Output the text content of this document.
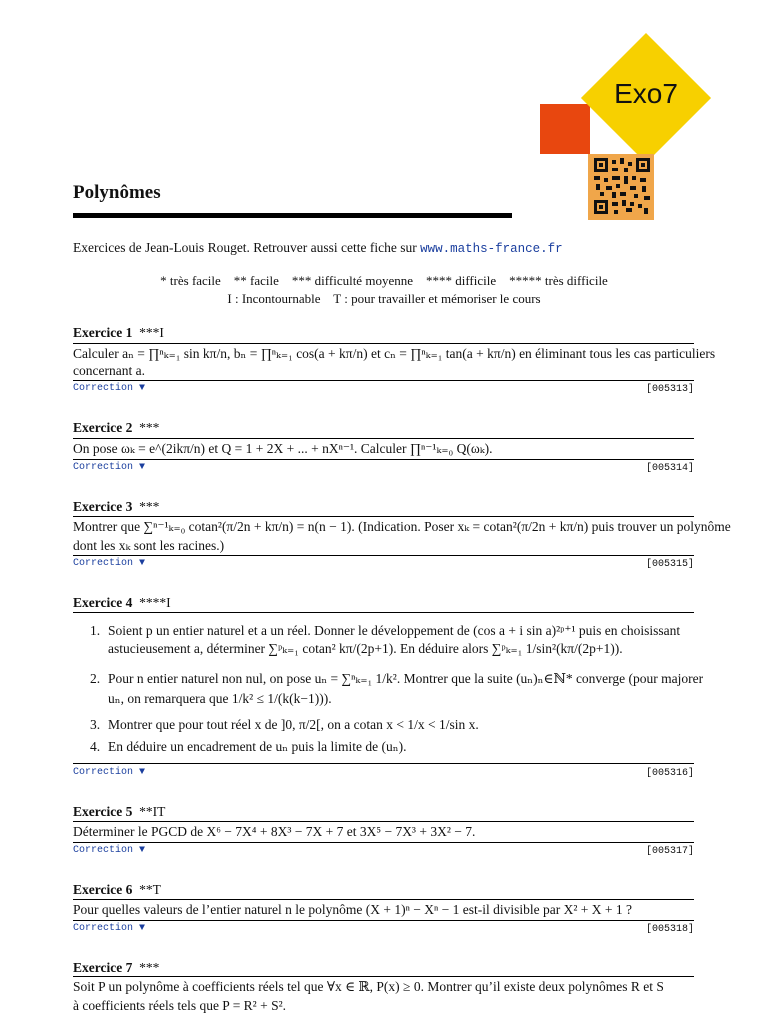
Exo7
Polynômes
Exercices de Jean-Louis Rouget. Retrouver aussi cette fiche sur www.maths-france.fr
* très facile    ** facile    *** difficulté moyenne    **** difficile    ***** très difficile
I : Incontournable    T : pour travailler et mémoriser le cours
Exercice 1 ***I
Calculer aₙ = ∏ⁿₖ₌₁ sin kπ/n, bₙ = ∏ⁿₖ₌₁ cos(a + kπ/n) et cₙ = ∏ⁿₖ₌₁ tan(a + kπ/n) en éliminant tous les cas particuliers
concernant a.
Correction ▼	[005313]
Exercice 2 ***
On pose ωₖ = e^(2ikπ/n) et Q = 1 + 2X + ... + nXⁿ⁻¹. Calculer ∏ⁿ⁻¹ₖ₌₀ Q(ωₖ).
Correction ▼	[005314]
Exercice 3 ***
Montrer que ∑ⁿ⁻¹ₖ₌₀ cotan²(π/2n + kπ/n) = n(n − 1). (Indication. Poser xₖ = cotan²(π/2n + kπ/n) puis trouver un polynôme
dont les xₖ sont les racines.)
Correction ▼	[005315]
Exercice 4 ****I
1. Soient p un entier naturel et a un réel. Donner le développement de (cos a + i sin a)²ᵖ⁺¹ puis en choisissant
astucieusement a, déterminer ∑ᵖₖ₌₁ cotan² kπ/(2p+1). En déduire alors ∑ᵖₖ₌₁ 1/sin²(kπ/(2p+1)).
2. Pour n entier naturel non nul, on pose uₙ = ∑ⁿₖ₌₁ 1/k². Montrer que la suite (uₙ)ₙ∈ℕ* converge (pour majorer
uₙ, on remarquera que 1/k² ≤ 1/(k(k−1))).
3. Montrer que pour tout réel x de ]0, π/2[, on a cotan x < 1/x < 1/sin x.
4. En déduire un encadrement de uₙ puis la limite de (uₙ).
Correction ▼	[005316]
Exercice 5 **IT
Déterminer le PGCD de X⁶ − 7X⁴ + 8X³ − 7X + 7 et 3X⁵ − 7X³ + 3X² − 7.
Correction ▼	[005317]
Exercice 6 **T
Pour quelles valeurs de l’entier naturel n le polynôme (X + 1)ⁿ − Xⁿ − 1 est-il divisible par X² + X + 1 ?
Correction ▼	[005318]
Exercice 7 ***
Soit P un polynôme à coefficients réels tel que ∀x ∈ ℝ, P(x) ≥ 0. Montrer qu’il existe deux polynômes R et S
à coefficients réels tels que P = R² + S².
